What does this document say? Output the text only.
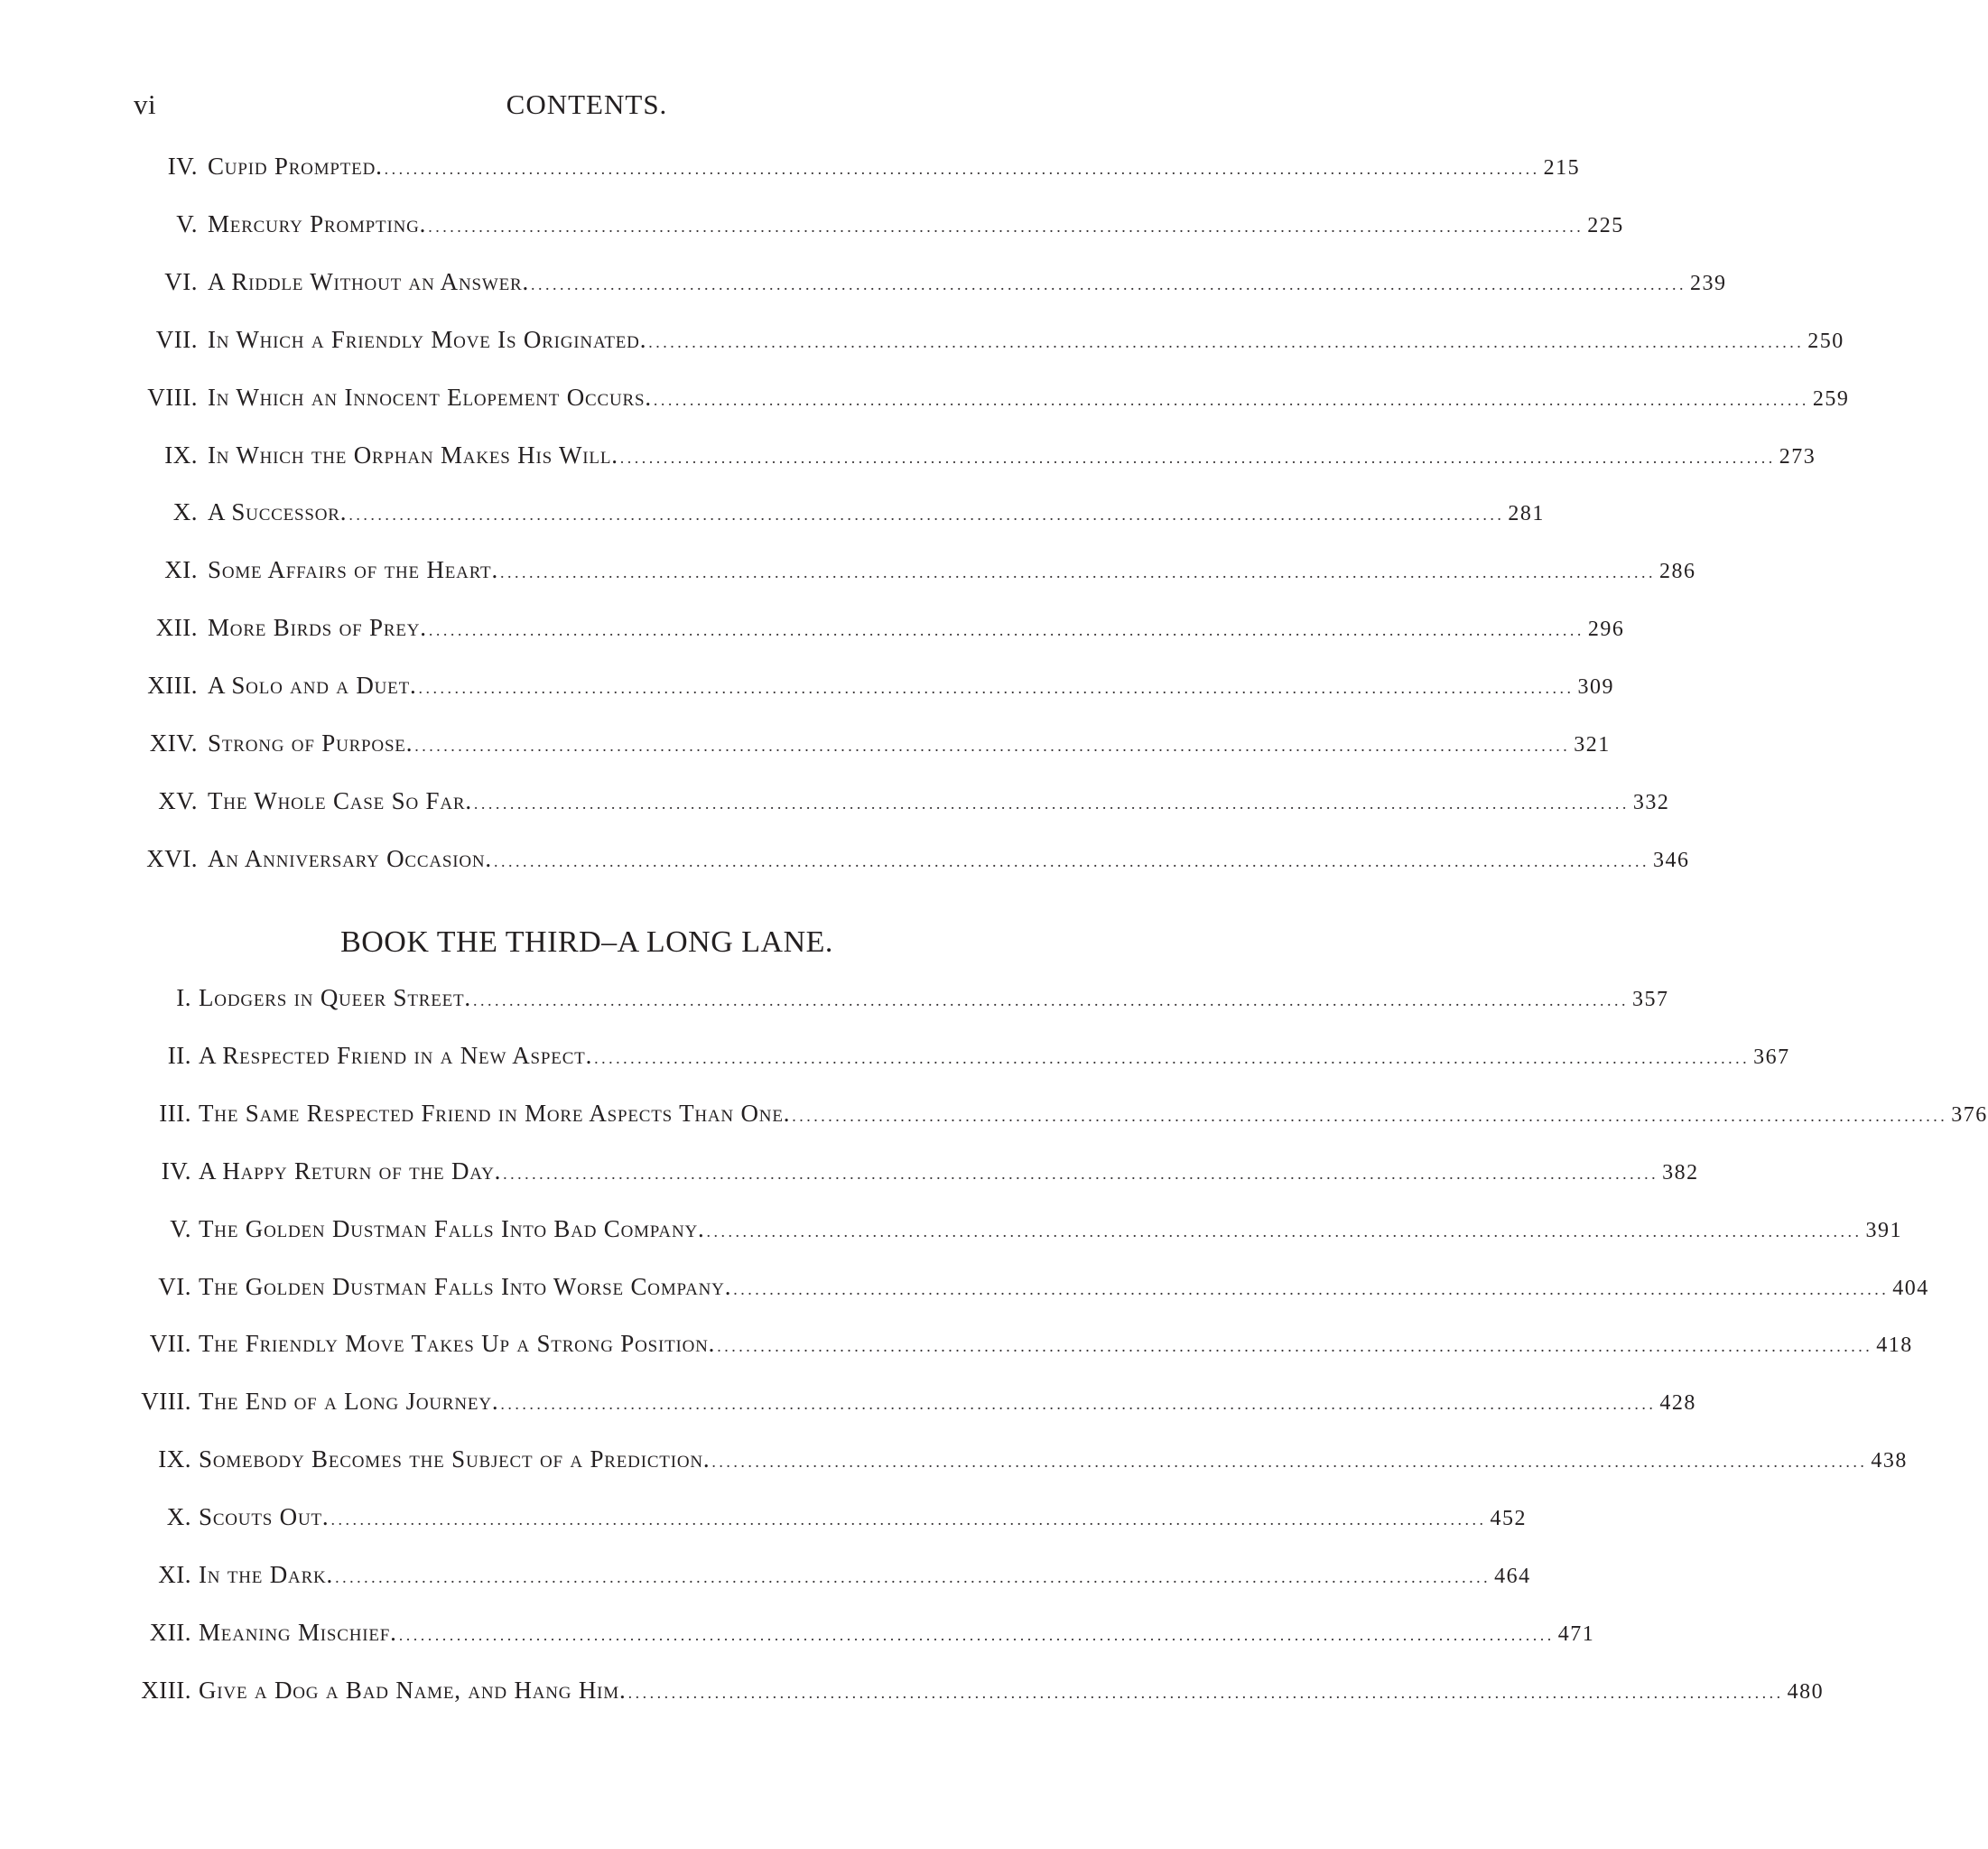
vi	CONTENTS.
IV. Cupid Prompted. ................................................................................................................................................................ 215
V. Mercury Prompting. ................................................................................................................................................................ 225
VI. A Riddle Without an Answer. ................................................................................................................................................................ 239
VII. In Which a Friendly Move Is Originated. ................................................................................................................................................................ 250
VIII. In Which an Innocent Elopement Occurs. ................................................................................................................................................................ 259
IX. In Which the Orphan Makes His Will. ................................................................................................................................................................ 273
X. A Successor. ................................................................................................................................................................ 281
XI. Some Affairs of the Heart. ................................................................................................................................................................ 286
XII. More Birds of Prey. ................................................................................................................................................................ 296
XIII. A Solo and a Duet. ................................................................................................................................................................ 309
XIV. Strong of Purpose. ................................................................................................................................................................ 321
XV. The Whole Case So Far. ................................................................................................................................................................ 332
XVI. An Anniversary Occasion. ................................................................................................................................................................ 346
BOOK THE THIRD–A LONG LANE.
I. Lodgers in Queer Street. ................................................................................................................................................................ 357
II. A Respected Friend in a New Aspect. ................................................................................................................................................................ 367
III. The Same Respected Friend in More Aspects Than One. ................................................................................................................................................................ 376
IV. A Happy Return of the Day. ................................................................................................................................................................ 382
V. The Golden Dustman Falls Into Bad Company. ................................................................................................................................................................ 391
VI. The Golden Dustman Falls Into Worse Company. ................................................................................................................................................................ 404
VII. The Friendly Move Takes Up a Strong Position. ................................................................................................................................................................ 418
VIII. The End of a Long Journey. ................................................................................................................................................................ 428
IX. Somebody Becomes the Subject of a Prediction. ................................................................................................................................................................ 438
X. Scouts Out. ................................................................................................................................................................ 452
XI. In the Dark. ................................................................................................................................................................ 464
XII. Meaning Mischief. ................................................................................................................................................................ 471
XIII. Give a Dog a Bad Name, and Hang Him. ................................................................................................................................................................ 480
